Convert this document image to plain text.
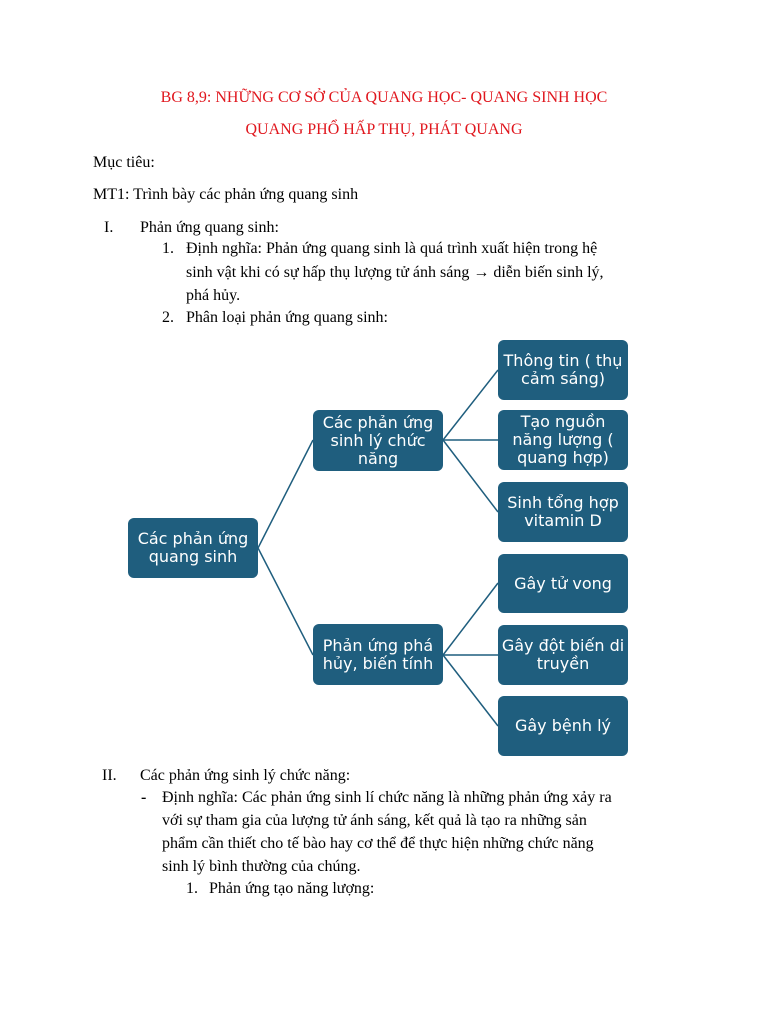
BG 8,9: NHỮNG CƠ SỞ CỦA QUANG HỌC- QUANG SINH HỌC
QUANG PHỔ HẤP THỤ, PHÁT QUANG
Mục tiêu:
MT1: Trình bày các phản ứng quang sinh
I. Phản ứng quang sinh:
1. Định nghĩa: Phản ứng quang sinh là quá trình xuất hiện trong hệ
sinh vật khi có sự hấp thụ lượng tử ánh sáng → diễn biến sinh lý,
phá hủy.
2. Phân loại phản ứng quang sinh:
Các phản ứng quang sinh
Các phản ứng sinh lý chức năng
Phản ứng phá hủy, biến tính
Thông tin ( thụ cảm sáng)
Tạo nguồn năng lượng ( quang hợp)
Sinh tổng hợp vitamin D
Gây tử vong
Gây đột biến di truyền
Gây bệnh lý
II. Các phản ứng sinh lý chức năng:
- Định nghĩa: Các phản ứng sinh lí chức năng là những phản ứng xảy ra
với sự tham gia của lượng tử ánh sáng, kết quả là tạo ra những sản
phẩm cần thiết cho tế bào hay cơ thể để thực hiện những chức năng
sinh lý bình thường của chúng.
1. Phản ứng tạo năng lượng:
